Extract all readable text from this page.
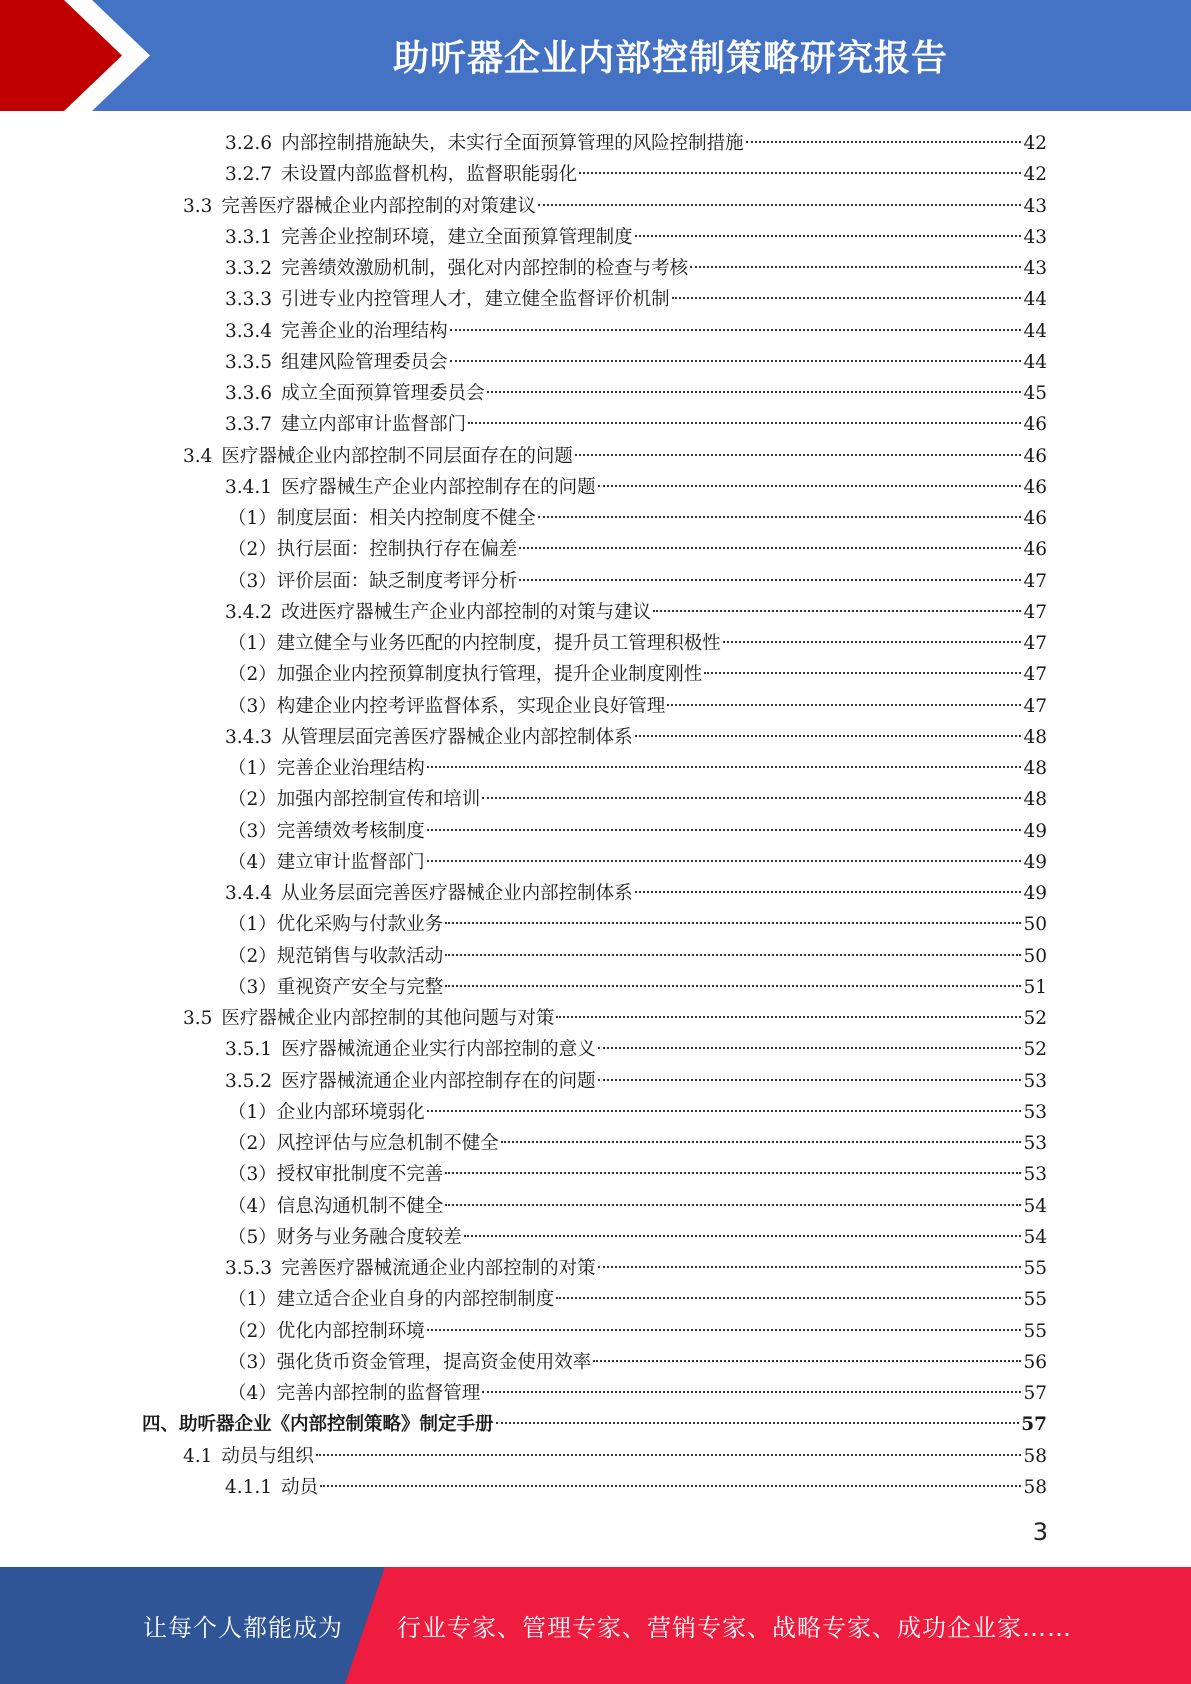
助听器企业内部控制策略研究报告
3.2.6 内部控制措施缺失，未实行全面预算管理的风险控制措施	42
3.2.7 未设置内部监督机构，监督职能弱化	42
3.3 完善医疗器械企业内部控制的对策建议	43
3.3.1 完善企业控制环境，建立全面预算管理制度	43
3.3.2 完善绩效激励机制，强化对内部控制的检查与考核	43
3.3.3 引进专业内控管理人才，建立健全监督评价机制	44
3.3.4 完善企业的治理结构	44
3.3.5 组建风险管理委员会	44
3.3.6 成立全面预算管理委员会	45
3.3.7 建立内部审计监督部门	46
3.4 医疗器械企业内部控制不同层面存在的问题	46
3.4.1 医疗器械生产企业内部控制存在的问题	46
（1）制度层面：相关内控制度不健全	46
（2）执行层面：控制执行存在偏差	46
（3）评价层面：缺乏制度考评分析	47
3.4.2 改进医疗器械生产企业内部控制的对策与建议	47
（1）建立健全与业务匹配的内控制度，提升员工管理积极性	47
（2）加强企业内控预算制度执行管理，提升企业制度刚性	47
（3）构建企业内控考评监督体系，实现企业良好管理	47
3.4.3 从管理层面完善医疗器械企业内部控制体系	48
（1）完善企业治理结构	48
（2）加强内部控制宣传和培训	48
（3）完善绩效考核制度	49
（4）建立审计监督部门	49
3.4.4 从业务层面完善医疗器械企业内部控制体系	49
（1）优化采购与付款业务	50
（2）规范销售与收款活动	50
（3）重视资产安全与完整	51
3.5 医疗器械企业内部控制的其他问题与对策	52
3.5.1 医疗器械流通企业实行内部控制的意义	52
3.5.2 医疗器械流通企业内部控制存在的问题	53
（1）企业内部环境弱化	53
（2）风控评估与应急机制不健全	53
（3）授权审批制度不完善	53
（4）信息沟通机制不健全	54
（5）财务与业务融合度较差	54
3.5.3 完善医疗器械流通企业内部控制的对策	55
（1）建立适合企业自身的内部控制制度	55
（2）优化内部控制环境	55
（3）强化货币资金管理，提高资金使用效率	56
（4）完善内部控制的监督管理	57
四、助听器企业《内部控制策略》制定手册	57
4.1 动员与组织	58
4.1.1 动员	58
3
让每个人都能成为 行业专家、管理专家、营销专家、战略专家、成功企业家……
